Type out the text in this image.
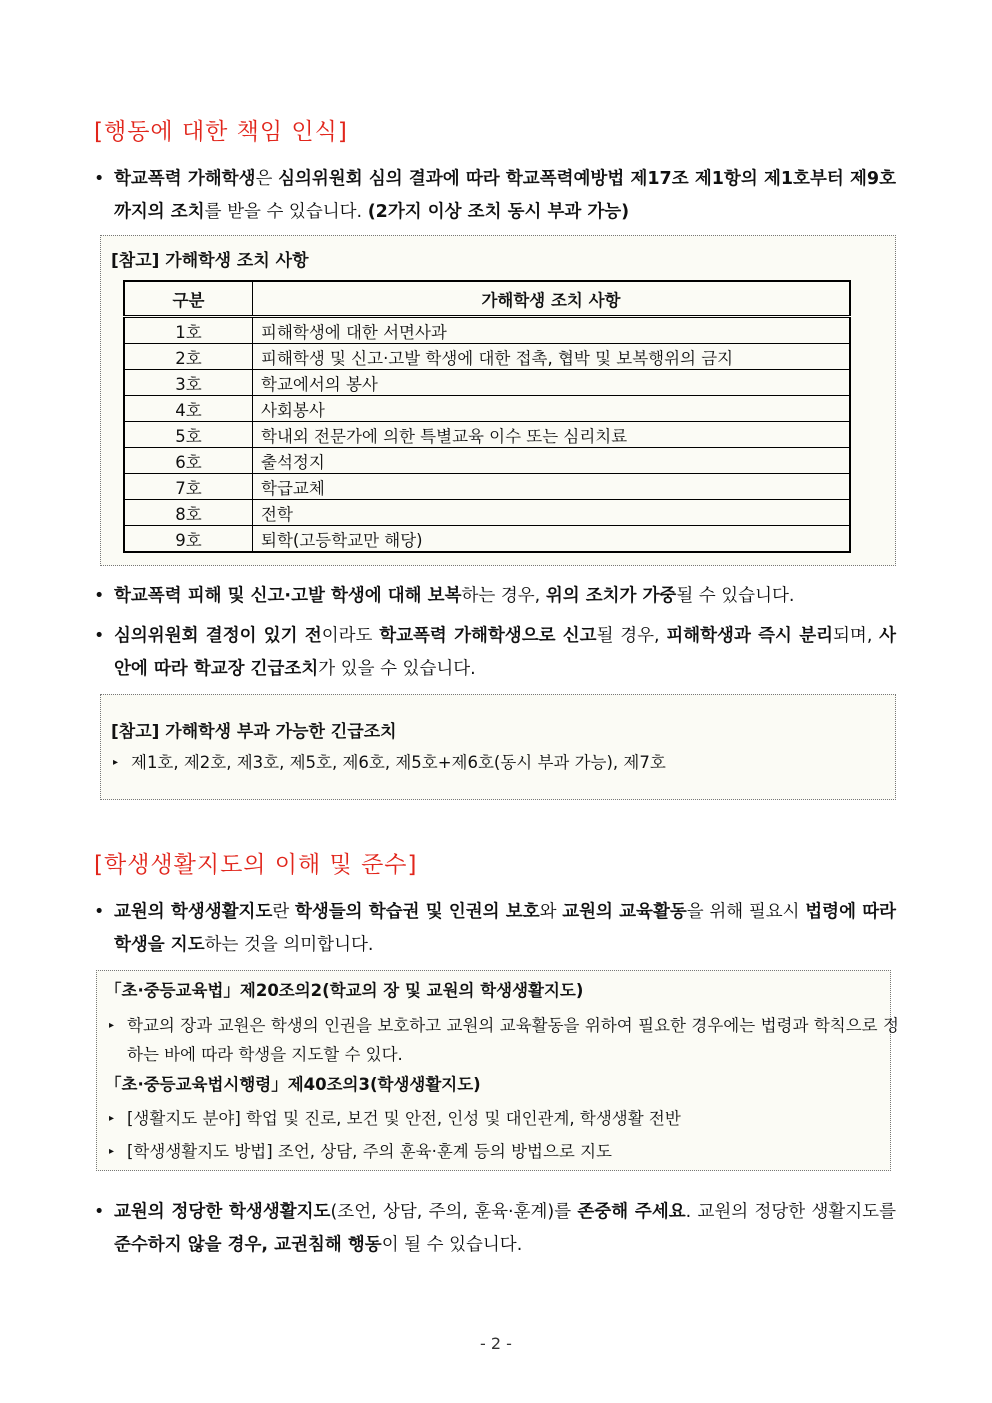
[행동에 대한 책임 인식]
• 학교폭력 가해학생은 심의위원회 심의 결과에 따라 학교폭력예방법 제17조 제1항의 제1호부터 제9호까지의 조치를 받을 수 있습니다. (2가지 이상 조치 동시 부과 가능)
[참고] 가해학생 조치 사항
구분	가해학생 조치 사항
1호	피해학생에 대한 서면사과
2호	피해학생 및 신고·고발 학생에 대한 접촉, 협박 및 보복행위의 금지
3호	학교에서의 봉사
4호	사회봉사
5호	학내외 전문가에 의한 특별교육 이수 또는 심리치료
6호	출석정지
7호	학급교체
8호	전학
9호	퇴학(고등학교만 해당)
• 학교폭력 피해 및 신고·고발 학생에 대해 보복하는 경우, 위의 조치가 가중될 수 있습니다.
• 심의위원회 결정이 있기 전이라도 학교폭력 가해학생으로 신고될 경우, 피해학생과 즉시 분리되며, 사안에 따라 학교장 긴급조치가 있을 수 있습니다.
[참고] 가해학생 부과 가능한 긴급조치
▸ 제1호, 제2호, 제3호, 제5호, 제6호, 제5호+제6호(동시 부과 가능), 제7호
[학생생활지도의 이해 및 준수]
• 교원의 학생생활지도란 학생들의 학습권 및 인권의 보호와 교원의 교육활동을 위해 필요시 법령에 따라 학생을 지도하는 것을 의미합니다.
「초·중등교육법」제20조의2(학교의 장 및 교원의 학생생활지도)
▸ 학교의 장과 교원은 학생의 인권을 보호하고 교원의 교육활동을 위하여 필요한 경우에는 법령과 학칙으로 정하는 바에 따라 학생을 지도할 수 있다.
「초·중등교육법시행령」제40조의3(학생생활지도)
▸ [생활지도 분야] 학업 및 진로, 보건 및 안전, 인성 및 대인관계, 학생생활 전반
▸ [학생생활지도 방법] 조언, 상담, 주의 훈육·훈계 등의 방법으로 지도
• 교원의 정당한 학생생활지도(조언, 상담, 주의, 훈육·훈계)를 존중해 주세요. 교원의 정당한 생활지도를 준수하지 않을 경우, 교권침해 행동이 될 수 있습니다.
- 2 -
